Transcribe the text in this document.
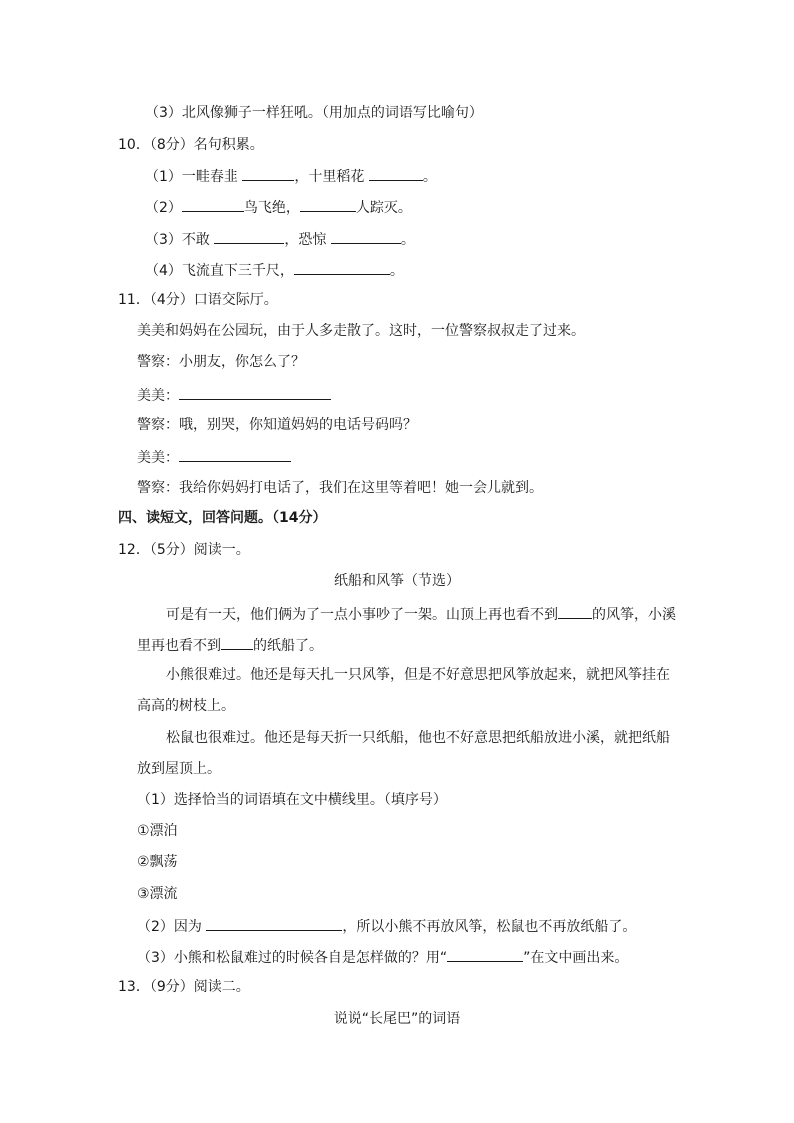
（3）北风像狮子一样狂吼。（用加点的词语写比喻句）
10．（8分）名句积累。
（1）一畦春韭	，十里稻花	。
（2）	鸟飞绝，	人踪灭。
（3）不敢	，恐惊	。
（4）飞流直下三千尺，	。
11．（4分）口语交际厅。
美美和妈妈在公园玩，由于人多走散了。这时，一位警察叔叔走了过来。
警察：小朋友，你怎么了？
美美：
警察：哦，别哭，你知道妈妈的电话号码吗？
美美：
警察：我给你妈妈打电话了，我们在这里等着吧！她一会儿就到。
四、读短文，回答问题。（14分）
12．（5分）阅读一。
纸船和风筝（节选）
可是有一天，他们俩为了一点小事吵了一架。山顶上再也看不到 的风筝，小溪
里再也看不到 的纸船了。
小熊很难过。他还是每天扎一只风筝，但是不好意思把风筝放起来，就把风筝挂在
高高的树枝上。
松鼠也很难过。他还是每天折一只纸船，他也不好意思把纸船放进小溪，就把纸船
放到屋顶上。
（1）选择恰当的词语填在文中横线里。（填序号）
①漂泊
②飘荡
③漂流
（2）因为	，所以小熊不再放风筝，松鼠也不再放纸船了。
（3）小熊和松鼠难过的时候各自是怎样做的？用“	”在文中画出来。
13．（9分）阅读二。
说说“长尾巴”的词语
